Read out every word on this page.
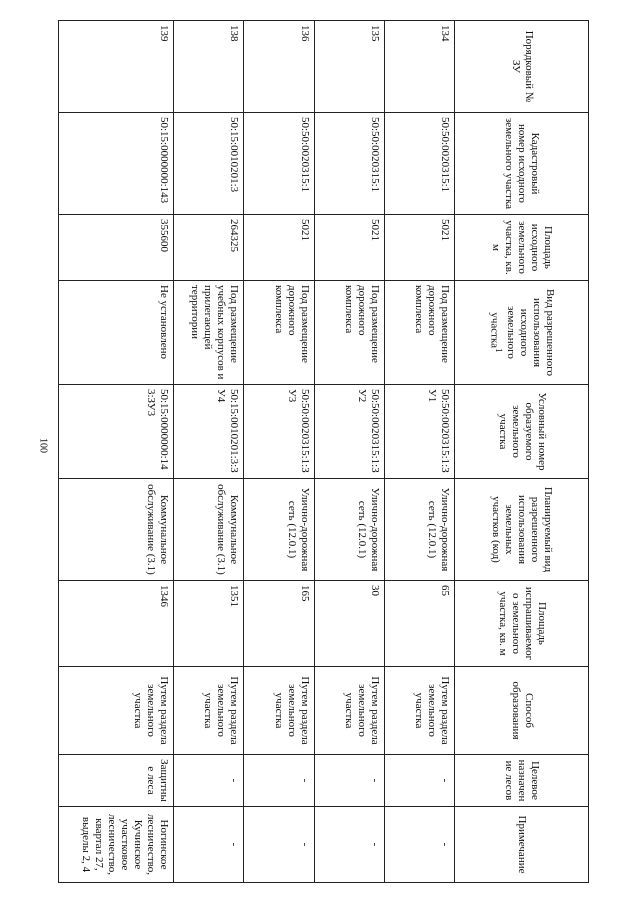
100
Порядковый № ЗУ	Кадастровый номер исходного земельного участка	Площадь исходного земельного участка, кв. м	Вид разрешенного использования исходного земельного участка$^1$	Условный номер образуемого земельного участка	Планируемый вид разрешенного использования земельных участков (код)	Площадь испрашиваемого земельного участка, кв. м	Способ образования	Целевое назначение лесов	Примечание
134	50:50:0020315:1	5021	Под размещение дорожного комплекса	50:50:0020315:1:ЗУ1	Улично-дорожная сеть (12.0.1)	65	Путем раздела земельного участка	-	-
135	50:50:0020315:1	5021	Под размещение дорожного комплекса	50:50:0020315:1:ЗУ2	Улично-дорожная сеть (12.0.1)	30	Путем раздела земельного участка	-	-
136	50:50:0020315:1	5021	Под размещение дорожного комплекса	50:50:0020315:1:ЗУ3	Улично-дорожная сеть (12.0.1)	165	Путем раздела земельного участка	-	-
138	50:15:0010201:3	264325	Под размещение учебных корпусов и прилегающей территории	50:15:0010201:3:ЗУ4	Коммунальное обслуживание (3.1)	1351	Путем раздела земельного участка	-	-
139	50:15:0000000:143	355600	Не установлено	50:15:0000000:143:ЗУ3	Коммунальное обслуживание (3.1)	1346	Путем раздела земельного участка	Защитные леса	Ногинское лесничество, Кучинское участковое лесничество, квартал 27, выделы 2, 4
